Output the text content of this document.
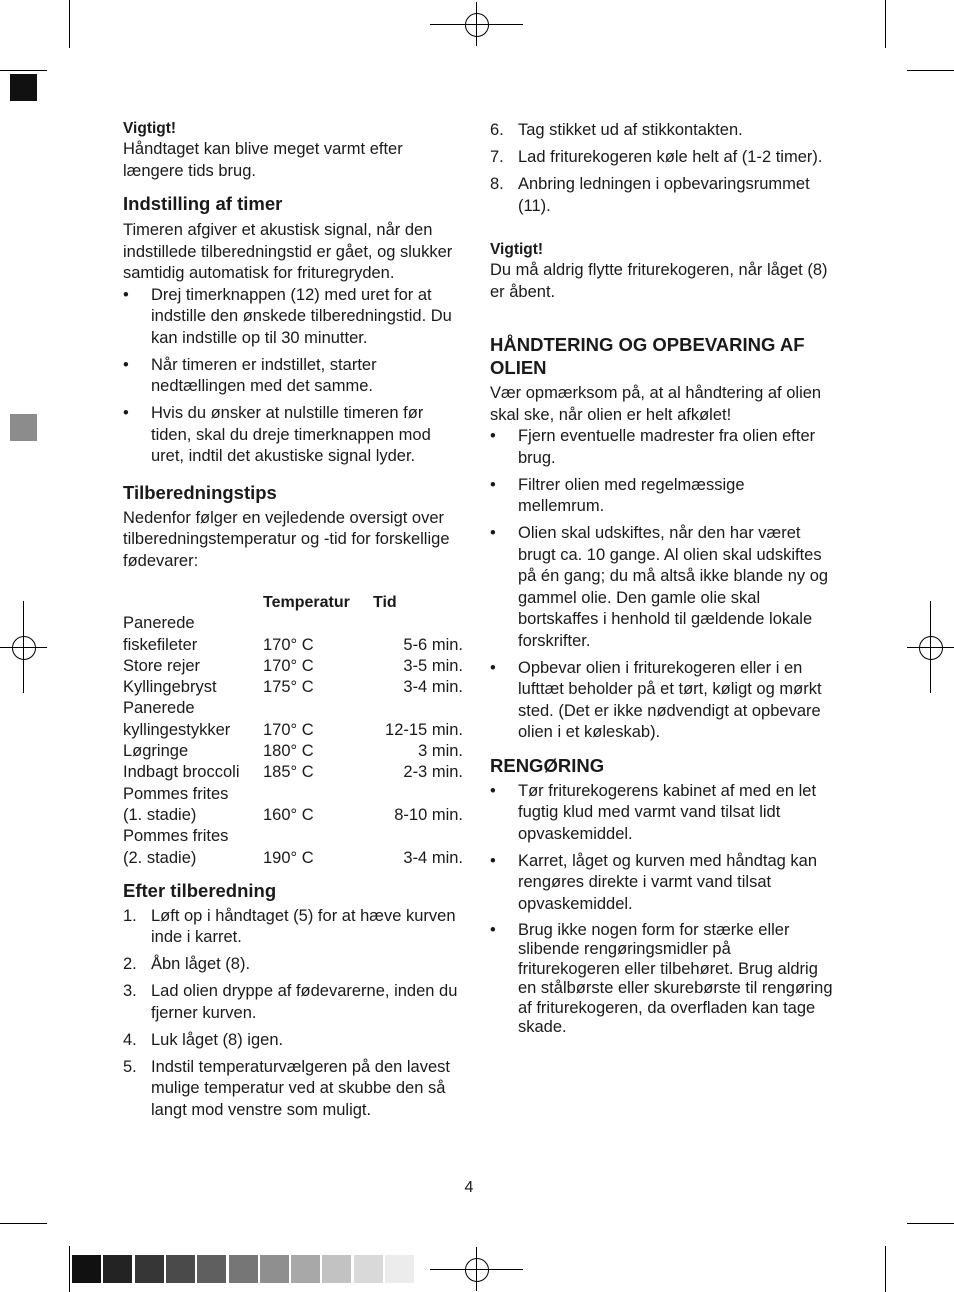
Vigtigt!

Håndtaget kan blive meget varmt efter længere tids brug.

Indstilling af timer

Timeren afgiver et akustisk signal, når den indstillede tilberedningstid er gået, og slukker samtidig automatisk for frituregryden.

• Drej timerknappen (12) med uret for at indstille den ønskede tilberedningstid. Du kan indstille op til 30 minutter.
• Når timeren er indstillet, starter nedtællingen med det samme.
• Hvis du ønsker at nulstille timeren før tiden, skal du dreje timerknappen mod uret, indtil det akustiske signal lyder.
Tilberedningstips

Nedenfor følger en vejledende oversigt over tilberedningstemperatur og -tid for forskellige fødevarer:

	Temperatur	Tid
Panerede		
fiskefileter	170° C	5-6 min.
Store rejer	170° C	3-5 min.
Kyllingebryst	175° C	3-4 min.
Panerede		
kyllingestykker	170° C	12-15 min.
Løgringe	180° C	3 min.
Indbagt broccoli	185° C	2-3 min.
Pommes frites		
(1. stadie)	160° C	8-10 min.
Pommes frites		
(2. stadie)	190° C	3-4 min.
Efter tilberedning
1. Løft op i håndtaget (5) for at hæve kurven inde i karret.
2. Åbn låget (8).
3. Lad olien dryppe af fødevarerne, inden du fjerner kurven.
4. Luk låget (8) igen.
5. Indstil temperaturvælgeren på den lavest mulige temperatur ved at skubbe den så langt mod venstre som muligt.
6. Tag stikket ud af stikkontakten.
7. Lad friturekogeren køle helt af (1-2 timer).
8. Anbring ledningen i opbevaringsrummet (11).

Vigtigt!

Du må aldrig flytte friturekogeren, når låget (8) er åbent.

HÅNDTERING OG OPBEVARING AF OLIEN

Vær opmærksom på, at al håndtering af olien skal ske, når olien er helt afkølet!

• Fjern eventuelle madrester fra olien efter brug.
• Filtrer olien med regelmæssige mellemrum.
• Olien skal udskiftes, når den har været brugt ca. 10 gange. Al olien skal udskiftes på én gang; du må altså ikke blande ny og gammel olie. Den gamle olie skal bortskaffes i henhold til gældende lokale forskrifter.
• Opbevar olien i friturekogeren eller i en lufttæt beholder på et tørt, køligt og mørkt sted. (Det er ikke nødvendigt at opbevare olien i et køleskab).
RENGØRING
• Tør friturekogerens kabinet af med en let fugtig klud med varmt vand tilsat lidt opvaskemiddel.
• Karret, låget og kurven med håndtag kan rengøres direkte i varmt vand tilsat opvaskemiddel.
• Brug ikke nogen form for stærke eller slibende rengøringsmidler på friturekogeren eller tilbehøret. Brug aldrig en stålbørste eller skurebørste til rengøring af friturekogeren, da overfladen kan tage skade.
4
